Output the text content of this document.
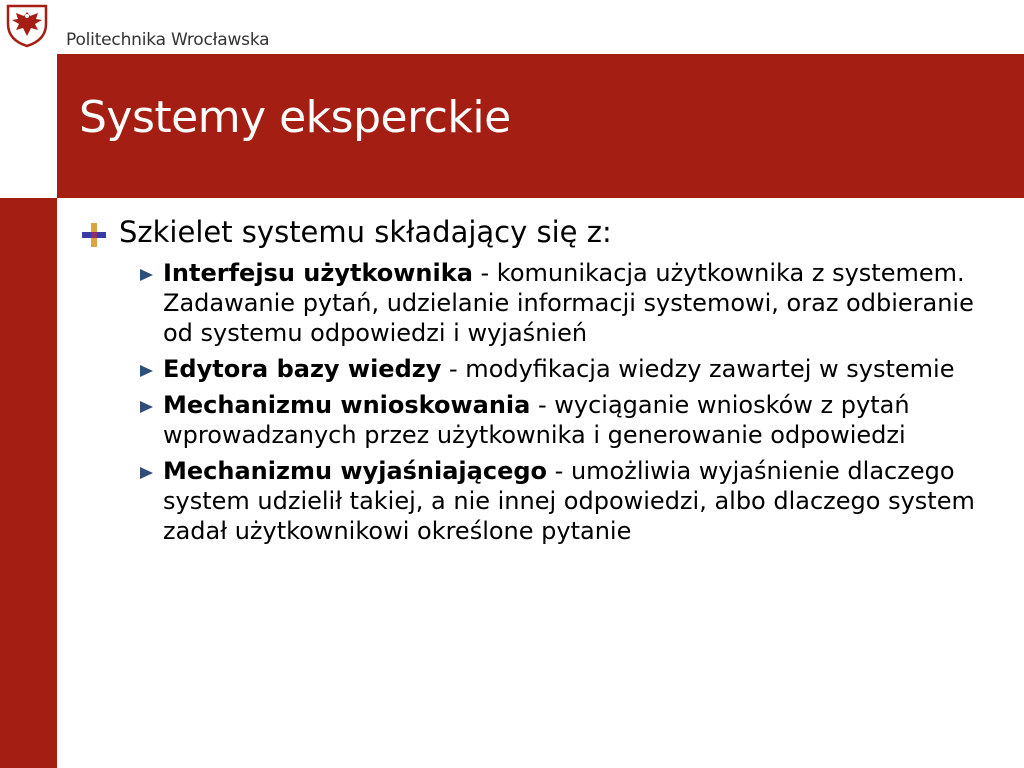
Politechnika Wrocławska
Systemy eksperckie
Szkielet systemu składający się z:
Interfejsu użytkownika - komunikacja użytkownika z systemem. Zadawanie pytań, udzielanie informacji systemowi, oraz odbieranie od systemu odpowiedzi i wyjaśnień
Edytora bazy wiedzy - modyfikacja wiedzy zawartej w systemie
Mechanizmu wnioskowania - wyciąganie wniosków z pytań wprowadzanych przez użytkownika i generowanie odpowiedzi
Mechanizmu wyjaśniającego - umożliwia wyjaśnienie dlaczego system udzielił takiej, a nie innej odpowiedzi, albo dlaczego system zadał użytkownikowi określone pytanie
